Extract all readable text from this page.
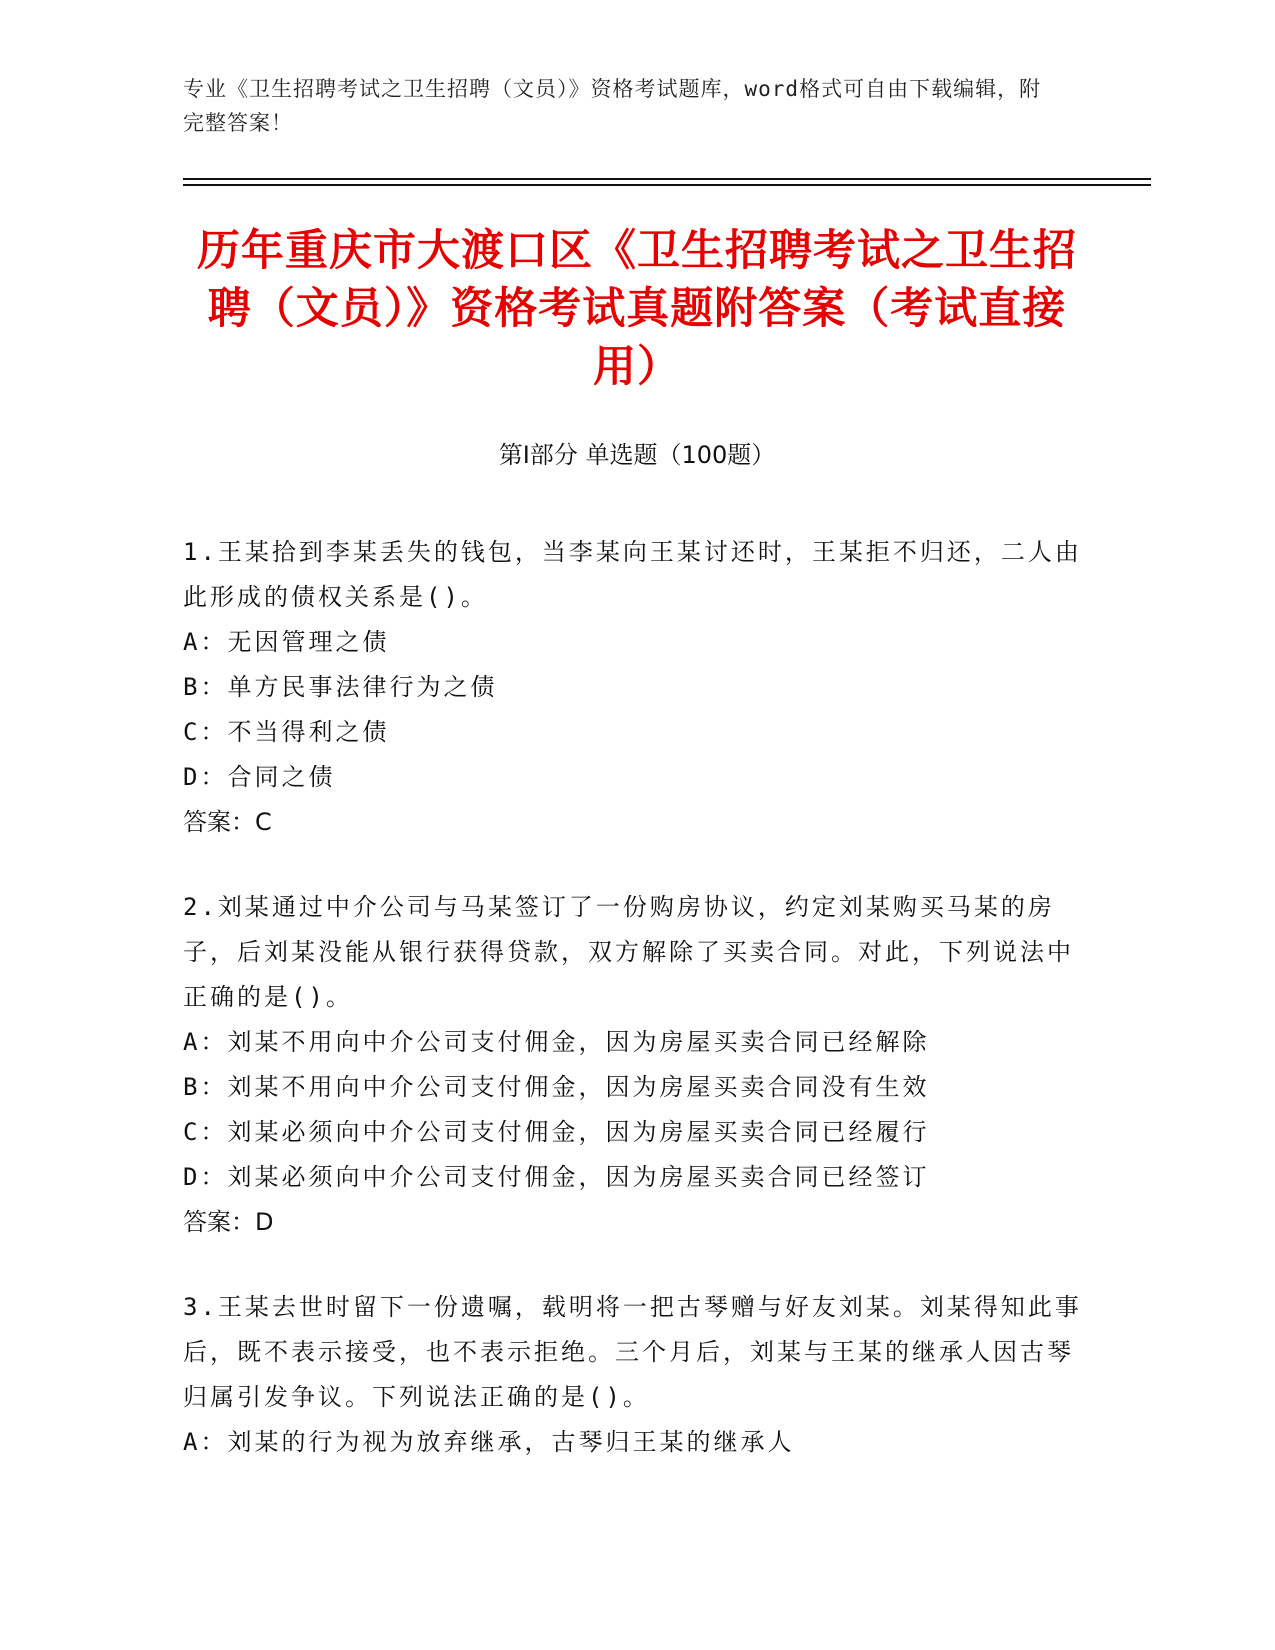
专业《卫生招聘考试之卫生招聘（文员）》资格考试题库，word格式可自由下载编辑，附完整答案！
历年重庆市大渡口区《卫生招聘考试之卫生招聘（文员）》资格考试真题附答案（考试直接用）
第Ⅰ部分 单选题（100题）

1.王某拾到李某丢失的钱包，当李某向王某讨还时，王某拒不归还，二人由此形成的债权关系是()。

A：无因管理之债

B：单方民事法律行为之债

C：不当得利之债

D：合同之债

答案：C

2.刘某通过中介公司与马某签订了一份购房协议，约定刘某购买马某的房子，后刘某没能从银行获得贷款，双方解除了买卖合同。对此，下列说法中正确的是()。

A：刘某不用向中介公司支付佣金，因为房屋买卖合同已经解除

B：刘某不用向中介公司支付佣金，因为房屋买卖合同没有生效

C：刘某必须向中介公司支付佣金，因为房屋买卖合同已经履行

D：刘某必须向中介公司支付佣金，因为房屋买卖合同已经签订

答案：D

3.王某去世时留下一份遗嘱，载明将一把古琴赠与好友刘某。刘某得知此事后，既不表示接受，也不表示拒绝。三个月后，刘某与王某的继承人因古琴归属引发争议。下列说法正确的是()。

A：刘某的行为视为放弃继承，古琴归王某的继承人
